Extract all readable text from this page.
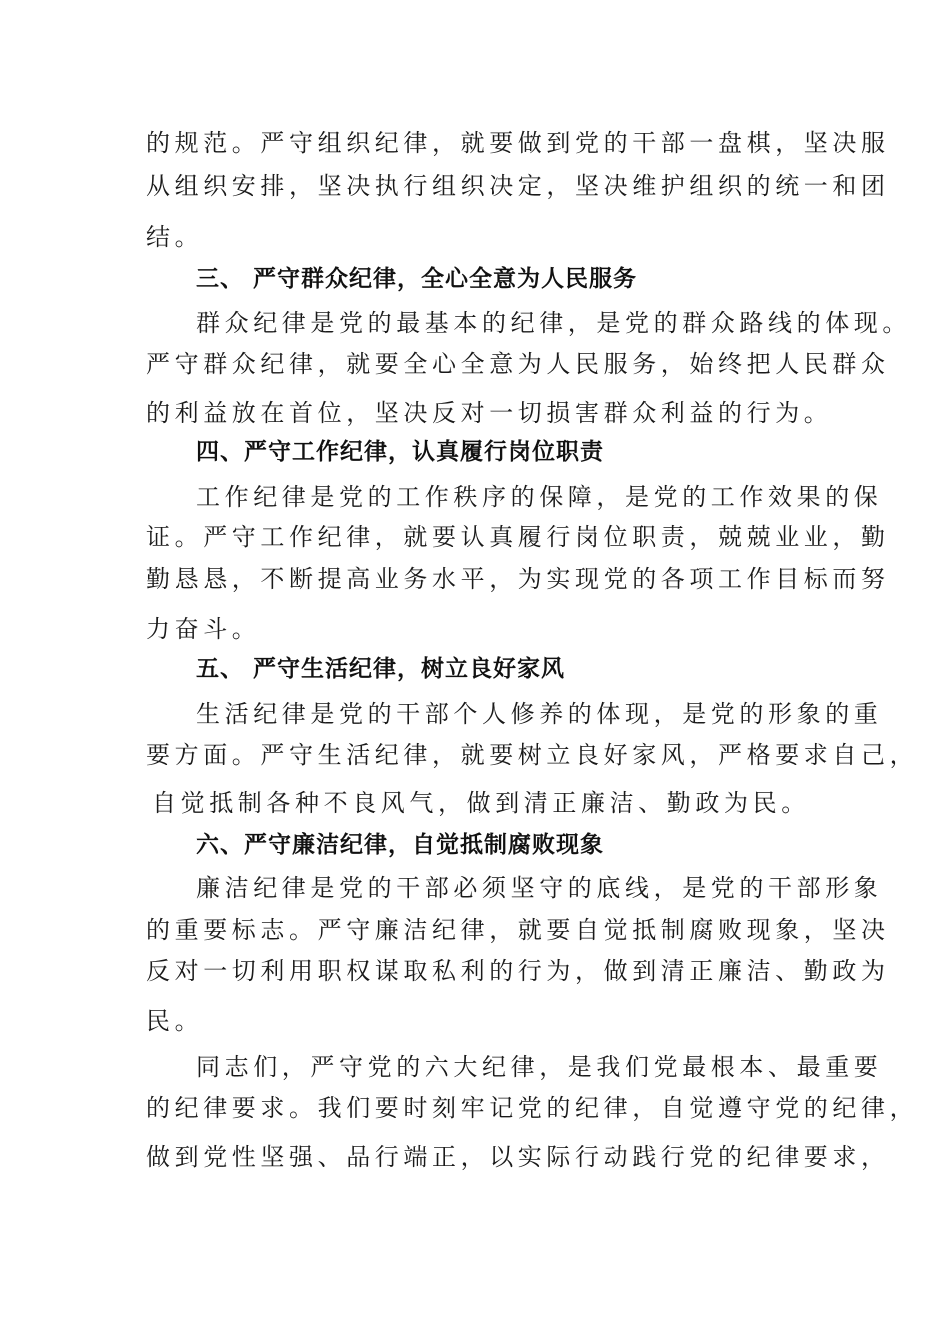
的规范。严守组织纪律，就要做到党的干部一盘棋，坚决服
从组织安排，坚决执行组织决定，坚决维护组织的统一和团
结。
三、 严守群众纪律，全心全意为人民服务
群众纪律是党的最基本的纪律，是党的群众路线的体现。
严守群众纪律，就要全心全意为人民服务，始终把人民群众
的利益放在首位，坚决反对一切损害群众利益的行为。
四、严守工作纪律，认真履行岗位职责
工作纪律是党的工作秩序的保障，是党的工作效果的保
证。严守工作纪律，就要认真履行岗位职责，兢兢业业，勤
勤恳恳，不断提高业务水平，为实现党的各项工作目标而努
力奋斗。
五、 严守生活纪律，树立良好家风
生活纪律是党的干部个人修养的体现，是党的形象的重
要方面。严守生活纪律，就要树立良好家风，严格要求自己，
自觉抵制各种不良风气，做到清正廉洁、勤政为民。
六、严守廉洁纪律，自觉抵制腐败现象
廉洁纪律是党的干部必须坚守的底线，是党的干部形象
的重要标志。严守廉洁纪律，就要自觉抵制腐败现象，坚决
反对一切利用职权谋取私利的行为，做到清正廉洁、勤政为
民。
同志们，严守党的六大纪律，是我们党最根本、最重要
的纪律要求。我们要时刻牢记党的纪律，自觉遵守党的纪律，
做到党性坚强、品行端正，以实际行动践行党的纪律要求，
